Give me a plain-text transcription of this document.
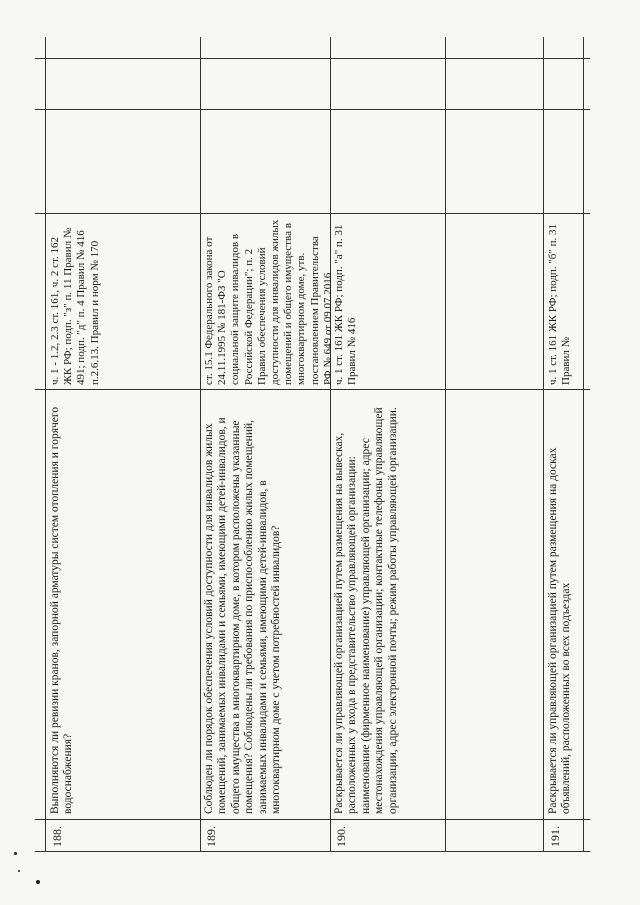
188.
Выполняются ли ревизии кранов, запорной арматуры систем отопления и горячего водоснабжения?
ч. 1 - 1.2, 2.3 ст. 161, ч. 2 ст. 162 ЖК РФ; подп. "з" п. 11 Правил № 491; подп. "д" п. 4 Правил № 416 п.2.6.13. Правил и норм № 170
189.
Соблюден ли порядок обеспечения условий доступности для инвалидов жилых помещений, занимаемых инвалидами и семьями, имеющими детей-инвалидов, и общего имущества в многоквартирном доме, в котором расположены указанные помещения? Соблюдены ли требования по приспособлению жилых помещений, занимаемых инвалидами и семьями, имеющими детей-инвалидов, в многоквартирном доме с учетом потребностей инвалидов?
ст. 15.1 Федерального закона от 24.11.1995 № 181-ФЗ "О социальной защите инвалидов в Российской Федерации"; п. 2 Правил обеспечения условий доступности для инвалидов жилых помещений и общего имущества в многоквартирном доме, утв. постановлением Правительства РФ № 649 от 09.07.2016
190.
Раскрывается ли управляющей организацией путем размещения на вывесках, расположенных у входа в представительство управляющей организации: наименование (фирменное наименование) управляющей организации; адрес местонахождения управляющей организации; контактные телефоны управляющей организации, адрес электронной почты; режим работы управляющей организации.
ч. 1 ст. 161 ЖК РФ; подп. "а" п. 31 Правил № 416
191.
Раскрывается ли управляющей организацией путем размещения на досках объявлений, расположенных во всех подъездах
ч. 1 ст. 161 ЖК РФ; подп. "б" п. 31 Правил №
